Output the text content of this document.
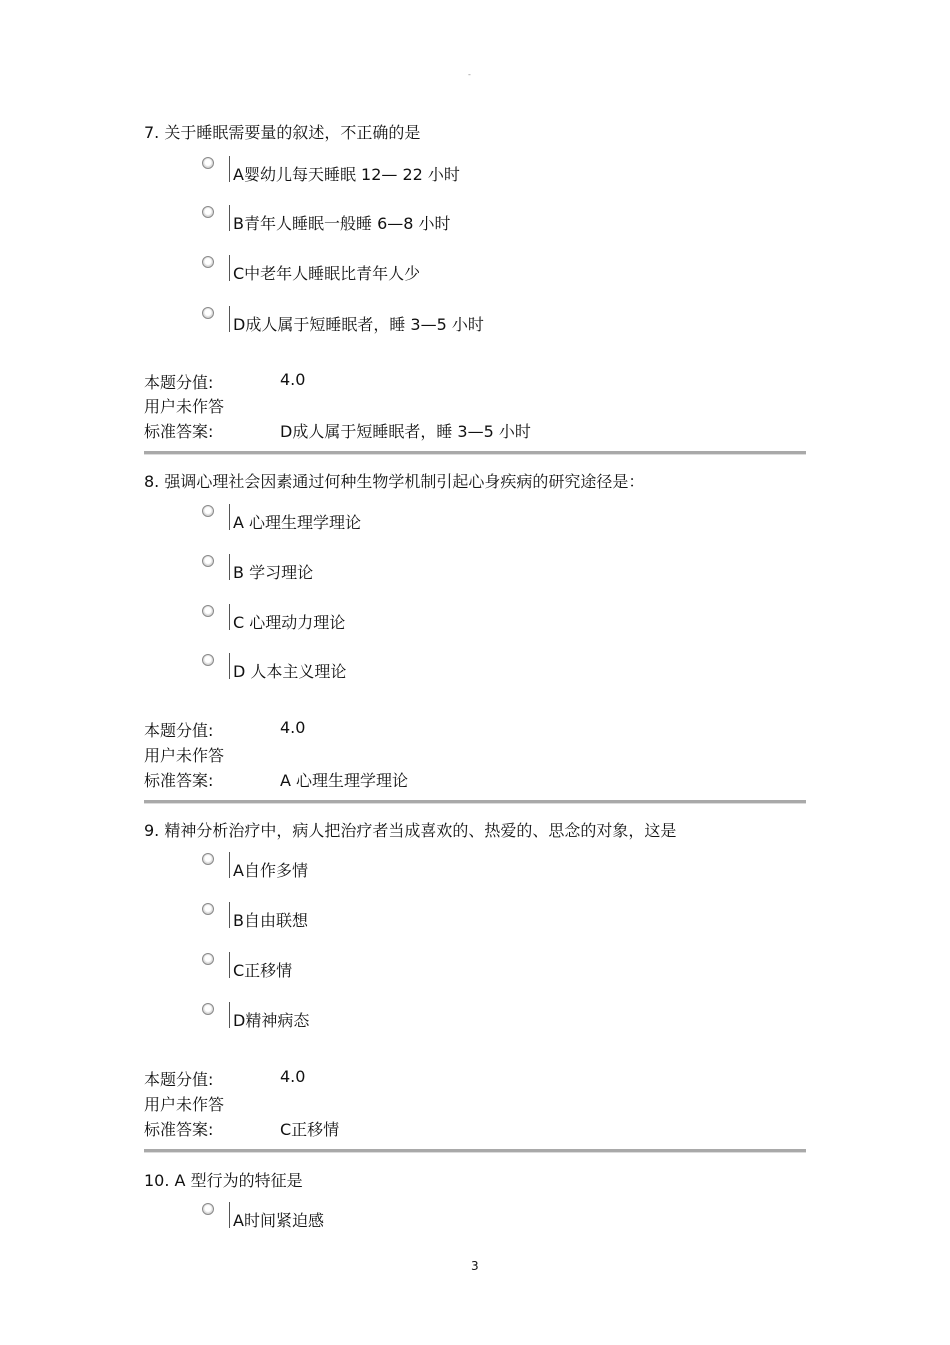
-
7. 关于睡眠需要量的叙述，不正确的是
A婴幼儿每天睡眠 12— 22 小时
B青年人睡眠一般睡 6—8 小时
C中老年人睡眠比青年人少
D成人属于短睡眠者，睡 3—5 小时
本题分值:	4.0
用户未作答
标准答案:	D成人属于短睡眠者，睡 3—5 小时
8. 强调心理社会因素通过何种生物学机制引起心身疾病的研究途径是：
A 心理生理学理论
B 学习理论
C 心理动力理论
D 人本主义理论
本题分值:	4.0
用户未作答
标准答案:	A 心理生理学理论
9. 精神分析治疗中，病人把治疗者当成喜欢的、热爱的、思念的对象，这是
A自作多情
B自由联想
C正移情
D精神病态
本题分值:	4.0
用户未作答
标准答案:	C正移情
10. A 型行为的特征是
A时间紧迫感
3
